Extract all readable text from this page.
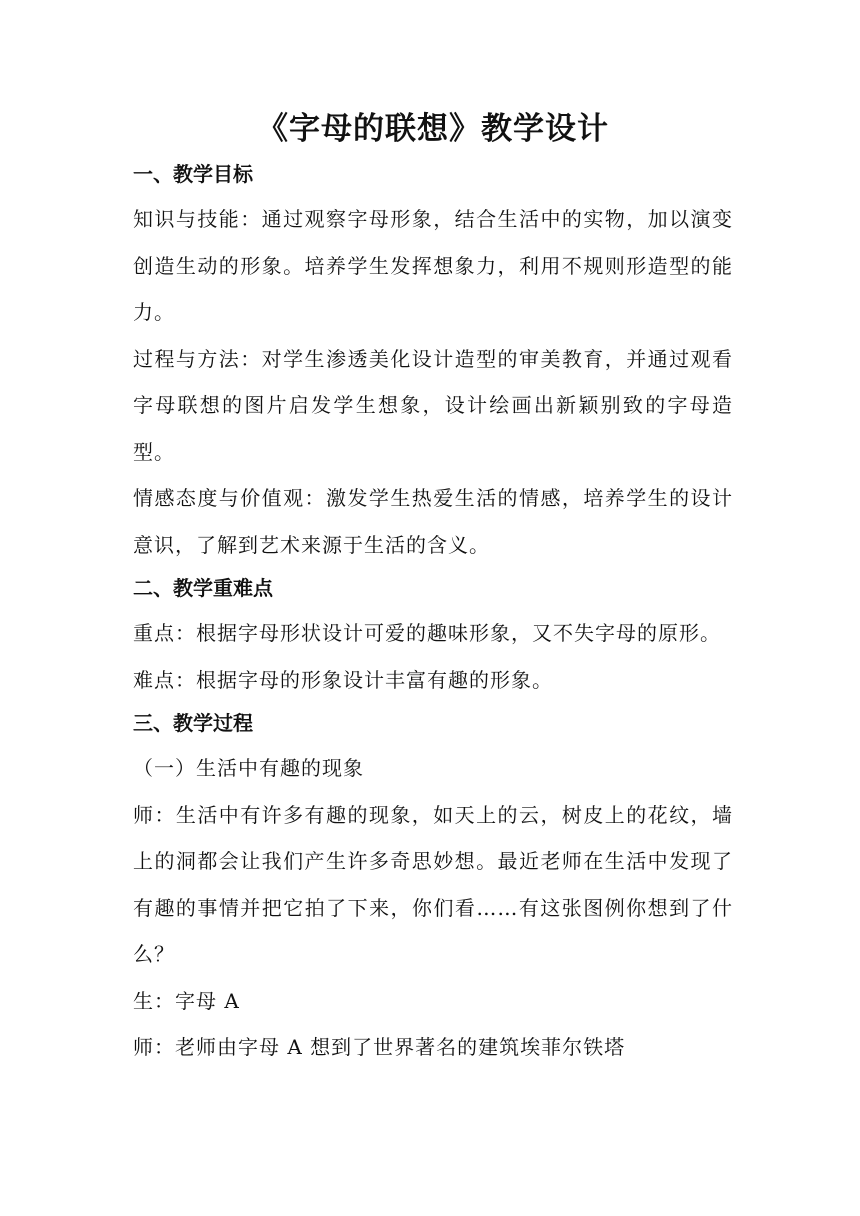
《字母的联想》教学设计
一、教学目标

知识与技能：通过观察字母形象，结合生活中的实物，加以演变创造生动的形象。培养学生发挥想象力，利用不规则形造型的能力。

过程与方法：对学生渗透美化设计造型的审美教育，并通过观看字母联想的图片启发学生想象，设计绘画出新颖别致的字母造型。

情感态度与价值观：激发学生热爱生活的情感，培养学生的设计意识，了解到艺术来源于生活的含义。

二、教学重难点

重点：根据字母形状设计可爱的趣味形象，又不失字母的原形。

难点：根据字母的形象设计丰富有趣的形象。

三、教学过程

（一）生活中有趣的现象

师：生活中有许多有趣的现象，如天上的云，树皮上的花纹，墙上的洞都会让我们产生许多奇思妙想。最近老师在生活中发现了有趣的事情并把它拍了下来，你们看……有这张图例你想到了什么？

生：字母 A

师：老师由字母 A 想到了世界著名的建筑埃菲尔铁塔
